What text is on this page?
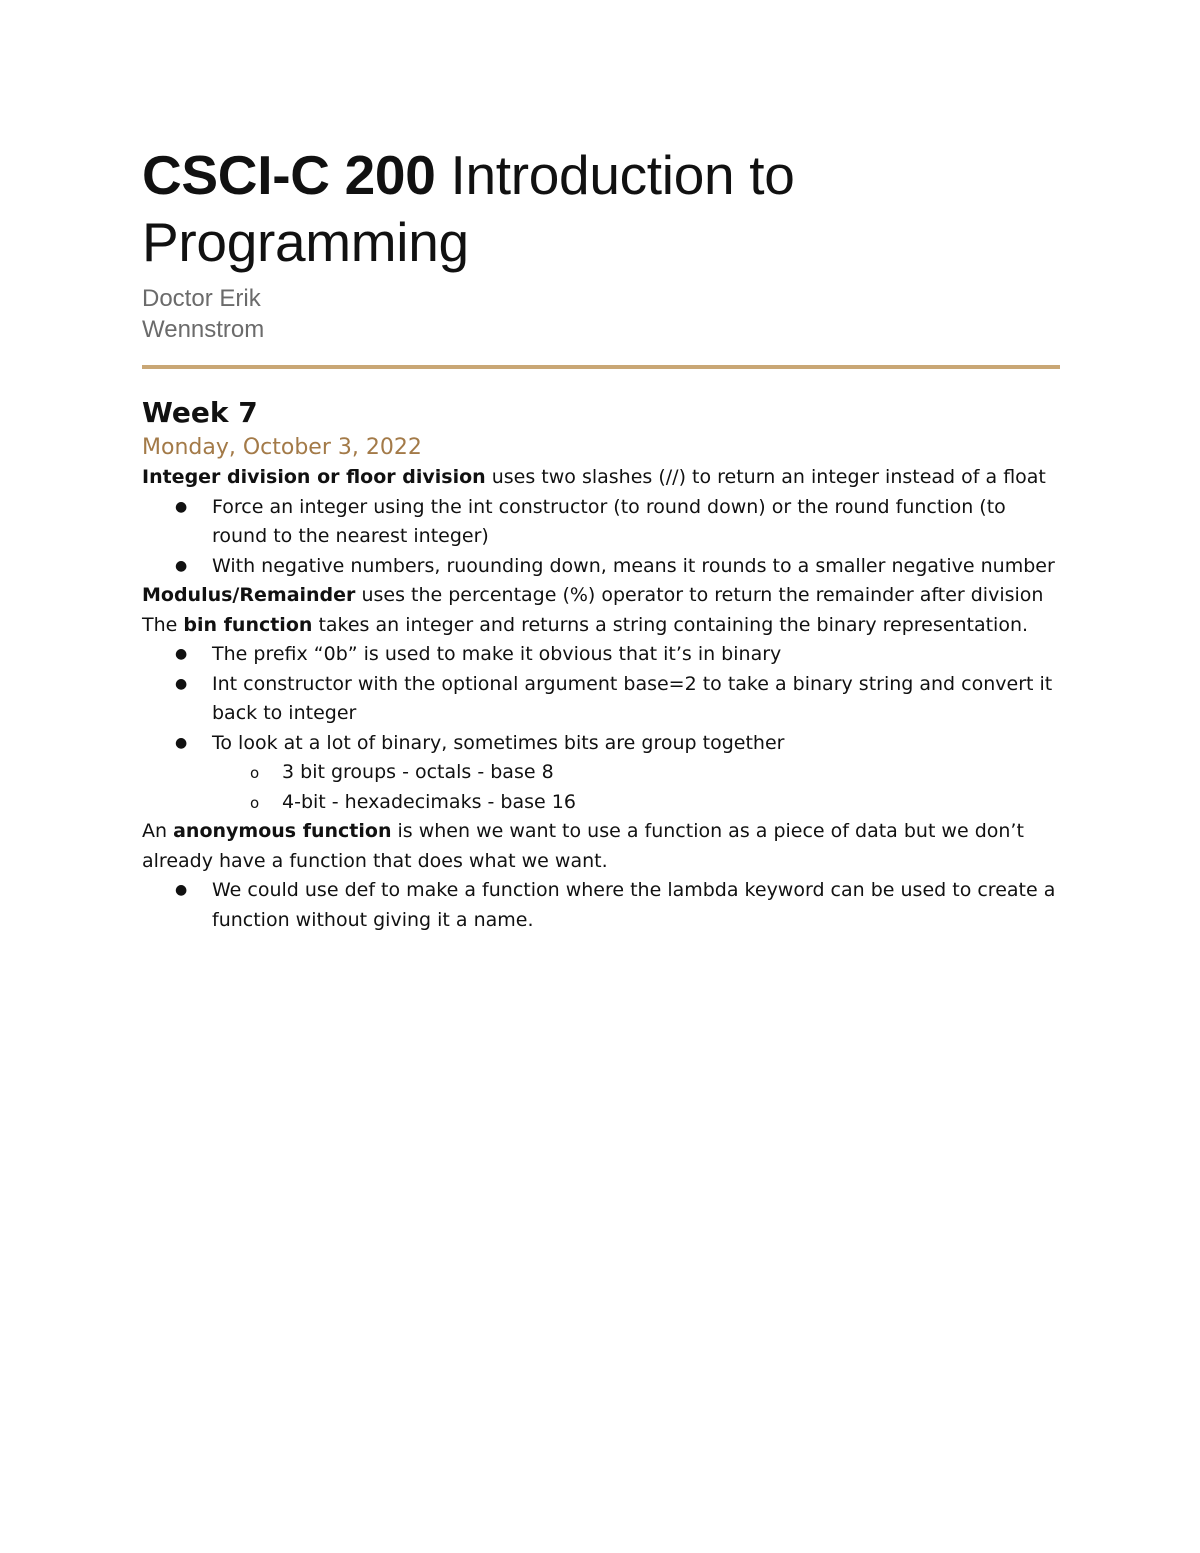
CSCI-C 200 Introduction to Programming
Doctor Erik
Wennstrom
Week 7
Monday, October 3, 2022

Integer division or floor division uses two slashes (//) to return an integer instead of a float

● Force an integer using the int constructor (to round down) or the round function (to round to the nearest integer)
● With negative numbers, ruounding down, means it rounds to a smaller negative number

Modulus/Remainder uses the percentage (%) operator to return the remainder after division

The bin function takes an integer and returns a string containing the binary representation.

● The prefix “0b” is used to make it obvious that it’s in binary
● Int constructor with the optional argument base=2 to take a binary string and convert it back to integer
● To look at a lot of binary, sometimes bits are group together
o 3 bit groups - octals - base 8
o 4-bit - hexadecimaks - base 16

An anonymous function is when we want to use a function as a piece of data but we don’t already have a function that does what we want.

● We could use def to make a function where the lambda keyword can be used to create a function without giving it a name.
